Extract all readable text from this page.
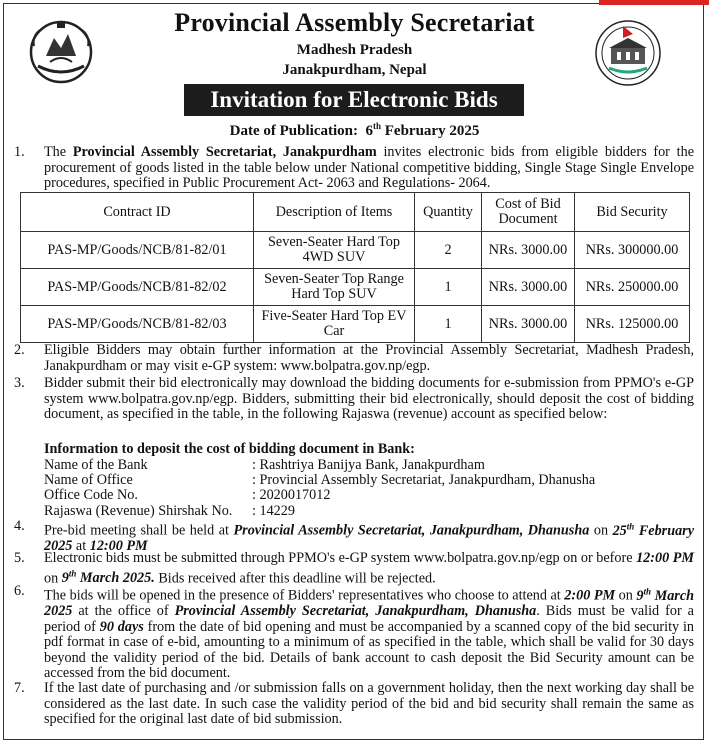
Provincial Assembly Secretariat
Madhesh Pradesh
Janakpurdham, Nepal
Invitation for Electronic Bids
Date of Publication: 6th February 2025

1. The Provincial Assembly Secretariat, Janakpurdham invites electronic bids from eligible bidders for the procurement of goods listed in the table below under National competitive bidding, Single Stage Single Envelope procedures, specified in Public Procurement Act- 2063 and Regulations- 2064.
Contract ID	Description of Items	Quantity	Cost of Bid Document	Bid Security
PAS-MP/Goods/NCB/81-82/01	Seven-Seater Hard Top 4WD SUV	2	NRs. 3000.00	NRs. 300000.00
PAS-MP/Goods/NCB/81-82/02	Seven-Seater Top Range Hard Top SUV	1	NRs. 3000.00	NRs. 250000.00
PAS-MP/Goods/NCB/81-82/03	Five-Seater Hard Top EV Car	1	NRs. 3000.00	NRs. 125000.00
2. Eligible Bidders may obtain further information at the Provincial Assembly Secretariat, Madhesh Pradesh, Janakpurdham or may visit e-GP system: www.bolpatra.gov.np/egp.
3. Bidder submit their bid electronically may download the bidding documents for e-submission from PPMO's e-GP system www.bolpatra.gov.np/egp. Bidders, submitting their bid electronically, should deposit the cost of bidding document, as specified in the table, in the following Rajaswa (revenue) account as specified below:
Information to deposit the cost of bidding document in Bank:
Name of the Bank	: Rashtriya Banijya Bank, Janakpurdham
Name of Office	: Provincial Assembly Secretariat, Janakpurdham, Dhanusha
Office Code No.	: 2020017012
Rajaswa (Revenue) Shirshak No. : 14229
4. Pre-bid meeting shall be held at Provincial Assembly Secretariat, Janakpurdham, Dhanusha on 25th February 2025 at 12:00 PM
5. Electronic bids must be submitted through PPMO's e-GP system www.bolpatra.gov.np/egp on or before 12:00 PM on 9th March 2025. Bids received after this deadline will be rejected.
6. The bids will be opened in the presence of Bidders' representatives who choose to attend at 2:00 PM on 9th March 2025 at the office of Provincial Assembly Secretariat, Janakpurdham, Dhanusha. Bids must be valid for a period of 90 days from the date of bid opening and must be accompanied by a scanned copy of the bid security in pdf format in case of e-bid, amounting to a minimum of as specified in the table, which shall be valid for 30 days beyond the validity period of the bid. Details of bank account to cash deposit the Bid Security amount can be accessed from the bid document.
7. If the last date of purchasing and /or submission falls on a government holiday, then the next working day shall be considered as the last date. In such case the validity period of the bid and bid security shall remain the same as specified for the original last date of bid submission.
